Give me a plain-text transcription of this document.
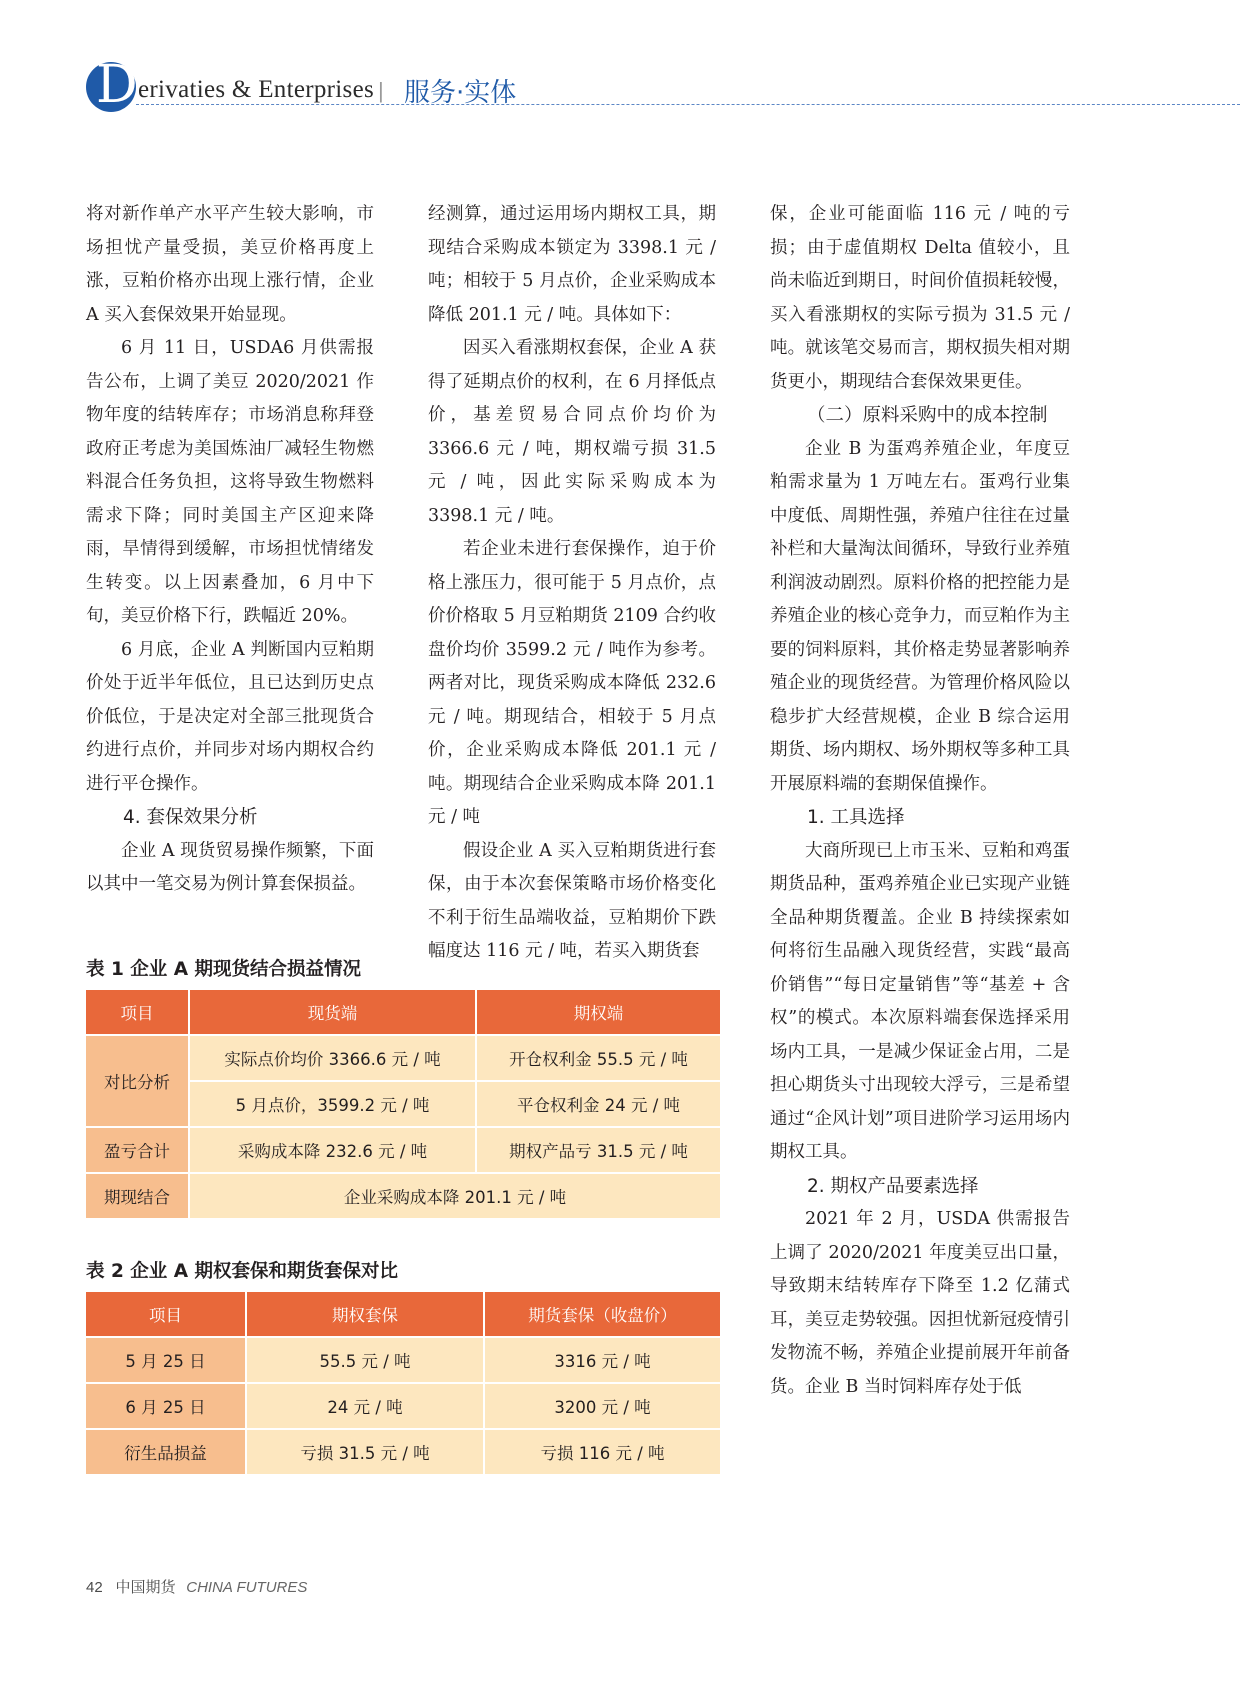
D erivaties & Enterprises | 服务·实体

将对新作单产水平产生较大影响，市场担忧产量受损，美豆价格再度上涨，豆粕价格亦出现上涨行情，企业 A 买入套保效果开始显现。

6 月 11 日，USDA6 月供需报告公布，上调了美豆 2020/2021 作物年度的结转库存；市场消息称拜登政府正考虑为美国炼油厂减轻生物燃料混合任务负担，这将导致生物燃料需求下降；同时美国主产区迎来降雨，旱情得到缓解，市场担忧情绪发生转变。以上因素叠加，6 月中下旬，美豆价格下行，跌幅近 20%。

6 月底，企业 A 判断国内豆粕期价处于近半年低位，且已达到历史点价低位，于是决定对全部三批现货合约进行点价，并同步对场内期权合约进行平仓操作。

4. 套保效果分析

企业 A 现货贸易操作频繁，下面以其中一笔交易为例计算套保损益。

经测算，通过运用场内期权工具，期现结合采购成本锁定为 3398.1 元 / 吨；相较于 5 月点价，企业采购成本降低 201.1 元 / 吨。具体如下：

因买入看涨期权套保，企业 A 获得了延期点价的权利，在 6 月择低点价，基差贸易合同点价均价为 3366.6 元 / 吨，期权端亏损 31.5 元 / 吨，因此实际采购成本为 3398.1 元 / 吨。

若企业未进行套保操作，迫于价格上涨压力，很可能于 5 月点价，点价价格取 5 月豆粕期货 2109 合约收盘价均价 3599.2 元 / 吨作为参考。两者对比，现货采购成本降低 232.6 元 / 吨。期现结合，相较于 5 月点价，企业采购成本降低 201.1 元 / 吨。期现结合企业采购成本降 201.1 元 / 吨

假设企业 A 买入豆粕期货进行套保，由于本次套保策略市场价格变化不利于衍生品端收益，豆粕期价下跌幅度达 116 元 / 吨，若买入期货套

保，企业可能面临 116 元 / 吨的亏损；由于虚值期权 Delta 值较小，且尚未临近到期日，时间价值损耗较慢，买入看涨期权的实际亏损为 31.5 元 / 吨。就该笔交易而言，期权损失相对期货更小，期现结合套保效果更佳。

（二）原料采购中的成本控制

企业 B 为蛋鸡养殖企业，年度豆粕需求量为 1 万吨左右。蛋鸡行业集中度低、周期性强，养殖户往往在过量补栏和大量淘汰间循环，导致行业养殖利润波动剧烈。原料价格的把控能力是养殖企业的核心竞争力，而豆粕作为主要的饲料原料，其价格走势显著影响养殖企业的现货经营。为管理价格风险以稳步扩大经营规模，企业 B 综合运用期货、场内期权、场外期权等多种工具开展原料端的套期保值操作。

1. 工具选择

大商所现已上市玉米、豆粕和鸡蛋期货品种，蛋鸡养殖企业已实现产业链全品种期货覆盖。企业 B 持续探索如何将衍生品融入现货经营，实践“最高价销售”“每日定量销售”等“基差 + 含权”的模式。本次原料端套保选择采用场内工具，一是减少保证金占用，二是担心期货头寸出现较大浮亏，三是希望通过“企风计划”项目进阶学习运用场内期权工具。

2. 期权产品要素选择

2021 年 2 月，USDA 供需报告上调了 2020/2021 年度美豆出口量，导致期末结转库存下降至 1.2 亿蒲式耳，美豆走势较强。因担忧新冠疫情引发物流不畅，养殖企业提前展开年前备货。企业 B 当时饲料库存处于低

表 1 企业 A 期现货结合损益情况
项目	现货端	期权端
对比分析	实际点价均价 3366.6 元 / 吨	开仓权利金 55.5 元 / 吨
	5 月点价，3599.2 元 / 吨	平仓权利金 24 元 / 吨
盈亏合计	采购成本降 232.6 元 / 吨	期权产品亏 31.5 元 / 吨
期现结合	企业采购成本降 201.1 元 / 吨	
表 2 企业 A 期权套保和期货套保对比
项目	期权套保	期货套保（收盘价）
5 月 25 日	55.5 元 / 吨	3316 元 / 吨
6 月 25 日	24 元 / 吨	3200 元 / 吨
衍生品损益	亏损 31.5 元 / 吨	亏损 116 元 / 吨
42 中国期货 CHINA FUTURES
